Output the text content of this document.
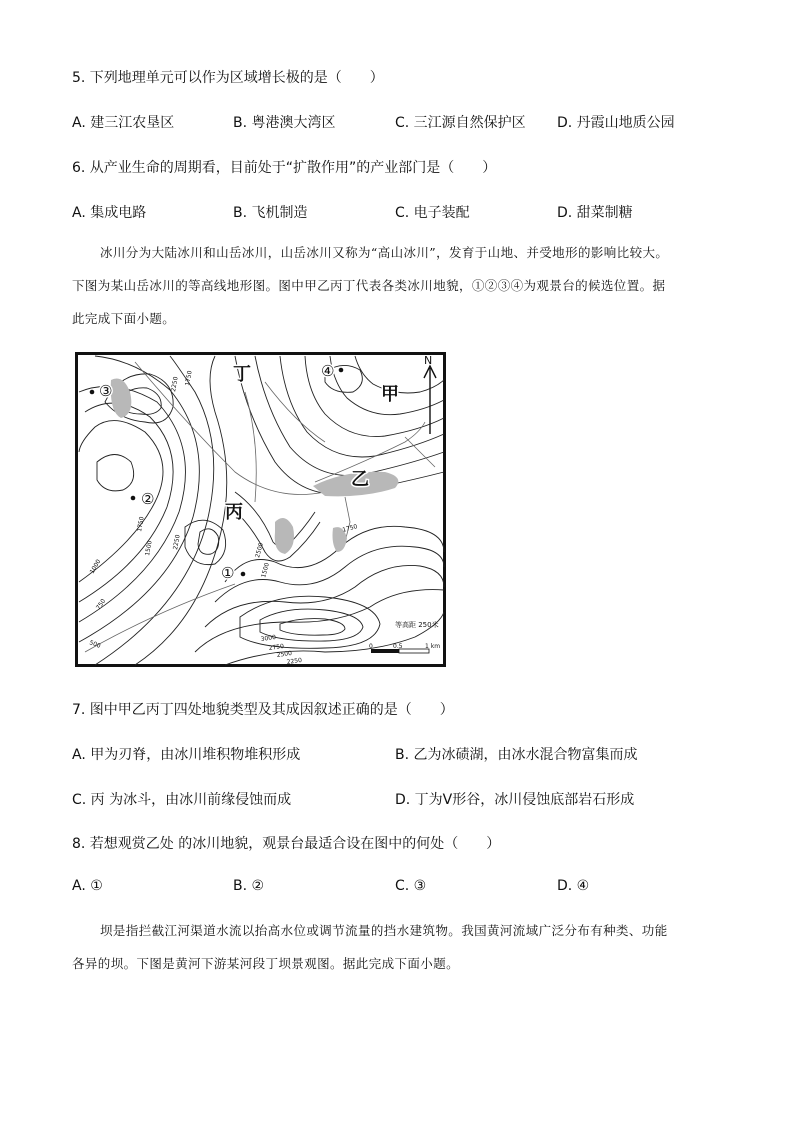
5. 下列地理单元可以作为区域增长极的是（　　）
A. 建三江农垦区	B. 粤港澳大湾区	C. 三江源自然保护区 D. 丹霞山地质公园
6. 从产业生命的周期看，目前处于“扩散作用”的产业部门是（　　）
A. 集成电路	B. 飞机制造	C. 电子装配	D. 甜菜制糖
冰川分为大陆冰川和山岳冰川，山岳冰川又称为“高山冰川”，发育于山地、并受地形的影响比较大。
下图为某山岳冰川的等高线地形图。图中甲乙丙丁代表各类冰川地貌，①②③④为观景台的候选位置。据
此完成下面小题。
N
丁
甲
乙
丙
③
②
①
④
2250 1750
1500
1750
2250
1000
750
500
2500
1500
1750
3000
2750
2500
2250
等高距 250米
0	0.5	1 km
7. 图中甲乙丙丁四处地貌类型及其成因叙述正确的是（　　）
A. 甲为刃脊，由冰川堆积物堆积形成	B. 乙为冰碛湖，由冰水混合物富集而成
C. 丙 为冰斗，由冰川前缘侵蚀而成	D. 丁为V形谷，冰川侵蚀底部岩石形成
8. 若想观赏乙处 的冰川地貌，观景台最适合设在图中的何处（　　）
A. ①	B. ②	C. ③	D. ④
坝是指拦截江河渠道水流以抬高水位或调节流量的挡水建筑物。我国黄河流域广泛分布有种类、功能
各异的坝。下图是黄河下游某河段丁坝景观图。据此完成下面小题。
